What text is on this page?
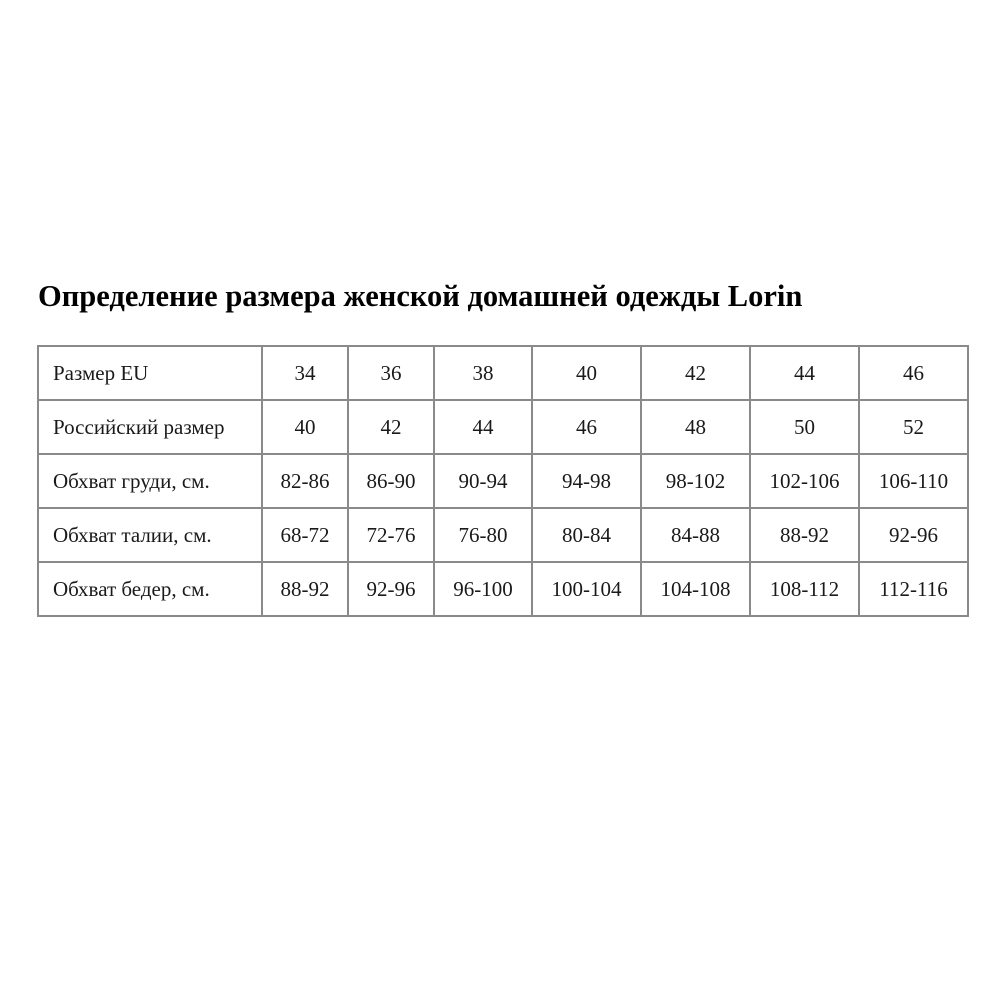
Определение размера женской домашней одежды Lorin
Размер EU	34	36	38	40	42	44	46
Российский размер	40	42	44	46	48	50	52
Обхват груди, см.	82-86	86-90	90-94	94-98	98-102	102-106	106-110
Обхват талии, см.	68-72	72-76	76-80	80-84	84-88	88-92	92-96
Обхват бедер, см.	88-92	92-96	96-100	100-104	104-108	108-112	112-116
